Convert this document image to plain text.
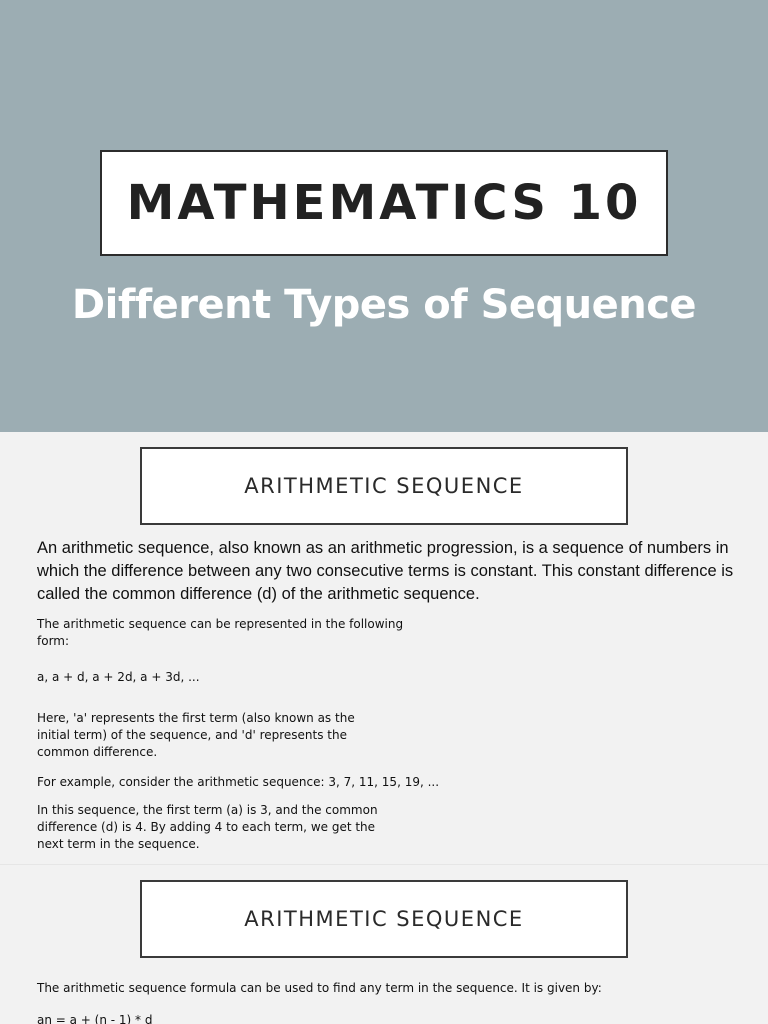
MATHEMATICS 10
Different Types of Sequence
ARITHMETIC SEQUENCE

An arithmetic sequence, also known as an arithmetic progression, is a sequence of numbers in which the difference between any two consecutive terms is constant. This constant difference is called the common difference (d) of the arithmetic sequence.

The arithmetic sequence can be represented in the following form:

a, a + d, a + 2d, a + 3d, ...

Here, 'a' represents the first term (also known as the initial term) of the sequence, and 'd' represents the common difference.

For example, consider the arithmetic sequence: 3, 7, 11, 15, 19, ...

In this sequence, the first term (a) is 3, and the common difference (d) is 4. By adding 4 to each term, we get the next term in the sequence.

ARITHMETIC SEQUENCE

The arithmetic sequence formula can be used to find any term in the sequence. It is given by:

an = a + (n - 1) * d
